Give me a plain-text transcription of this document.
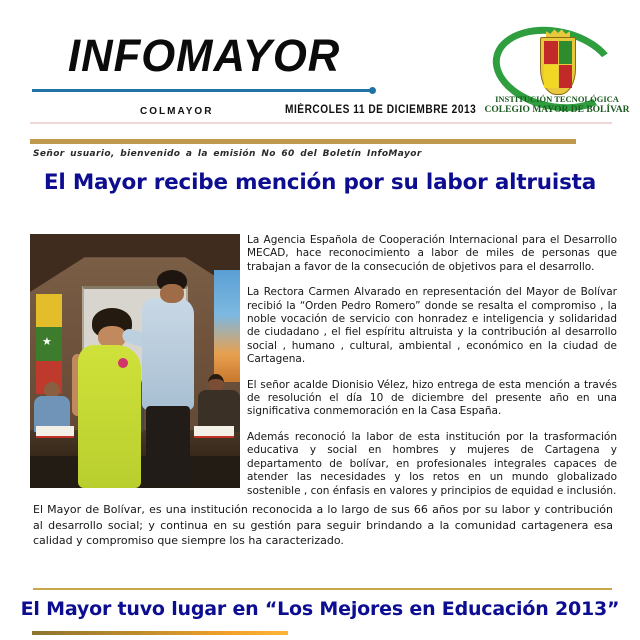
INFOMAYOR
COLMAYOR	MIÉRCOLES 11 DE DICIEMBRE 2013
INSTITUCIÓN TECNOLÓGICA
COLEGIO MAYOR DE BOLÍVAR
Señor usuario, bienvenido a la emisión No 60 del Boletín InfoMayor
El Mayor recibe mención por su labor altruista
★

La Agencia Española de Cooperación Internacional para el Desarrollo MECAD, hace reconocimiento a labor de miles de personas que trabajan a favor de la consecución de objetivos para el desarrollo.

La Rectora Carmen Alvarado en representación del Mayor de Bolívar recibió la “Orden Pedro Romero” donde se resalta el compromiso , la noble vocación de servicio con honradez e inteligencia y solidaridad de ciudadano , el fiel espíritu altruista y la contribución al desarrollo social , humano , cultural, ambiental , económico en la ciudad de Cartagena.

El señor acalde Dionisio Vélez, hizo entrega de esta mención a través de resolución el día 10 de diciembre del presente año en una significativa conmemoración en la Casa España.

Además reconoció la labor de esta institución por la trasformación educativa y social en hombres y mujeres de Cartagena y departamento de bolívar, en profesionales integrales capaces de atender las necesidades y los retos en un mundo globalizado sostenible , con énfasis en valores y principios de equidad e inclusión.

El Mayor de Bolívar, es una institución reconocida a lo largo de sus 66 años por su labor y contribución al desarrollo social; y continua en su gestión para seguir brindando a la comunidad cartagenera esa calidad y compromiso que siempre los ha caracterizado.

El Mayor tuvo lugar en “Los Mejores en Educación 2013”
